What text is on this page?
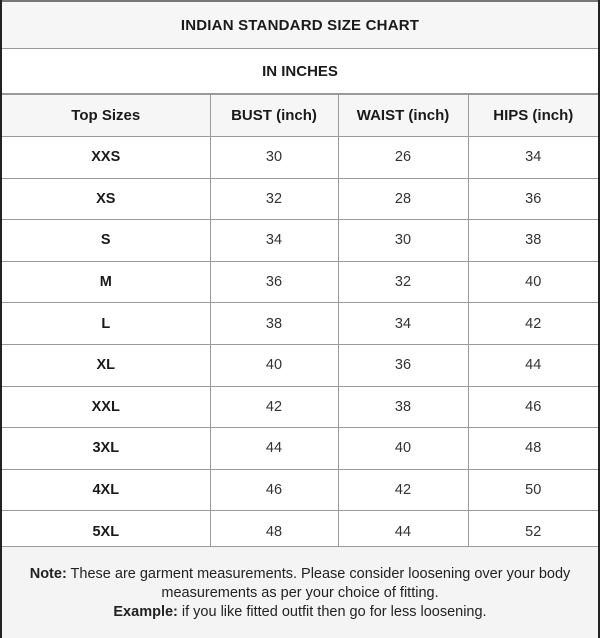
INDIAN STANDARD SIZE CHART
IN INCHES
Top Sizes	BUST (inch)	WAIST (inch)	HIPS (inch)
XXS	30	26	34
XS	32	28	36
S	34	30	38
M	36	32	40
L	38	34	42
XL	40	36	44
XXL	42	38	46
3XL	44	40	48
4XL	46	42	50
5XL	48	44	52
Note: These are garment measurements. Please consider loosening over your body measurements as per your choice of fitting.
Example: if you like fitted outfit then go for less loosening.
